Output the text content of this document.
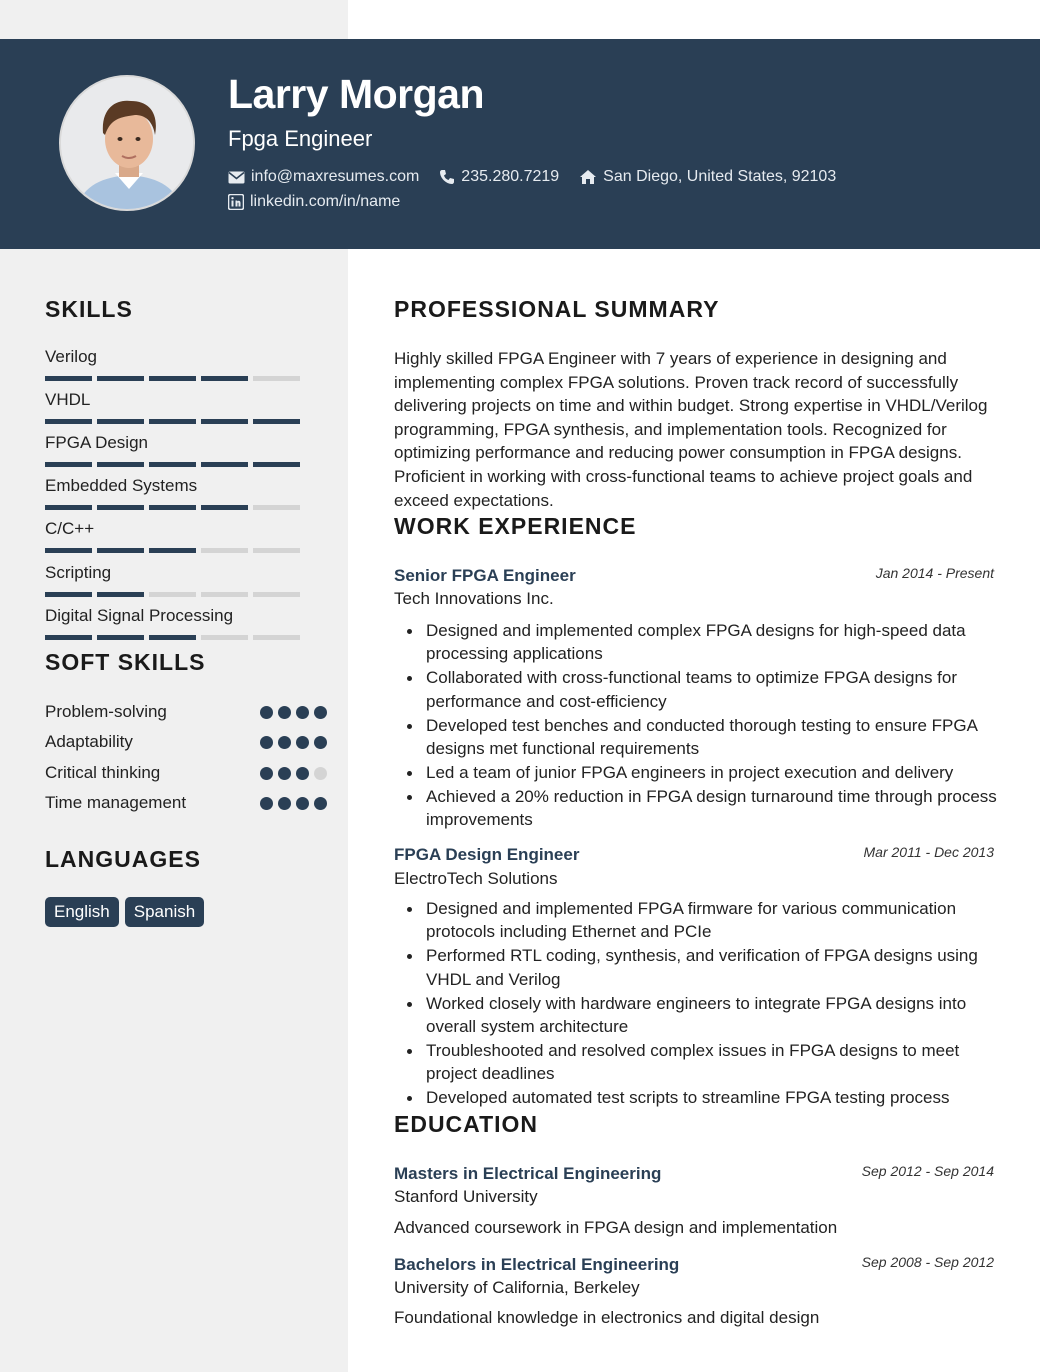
Larry Morgan
Fpga Engineer
info@maxresumes.com	235.280.7219	San Diego, United States, 92103
linkedin.com/in/name
SKILLS
Verilog
VHDL
FPGA Design
Embedded Systems
C/C++
Scripting
Digital Signal Processing
SOFT SKILLS
Problem-solving
Adaptability
Critical thinking
Time management
LANGUAGES
English	Spanish
PROFESSIONAL SUMMARY
Highly skilled FPGA Engineer with 7 years of experience in designing and implementing complex FPGA solutions. Proven track record of successfully delivering projects on time and within budget. Strong expertise in VHDL/Verilog programming, FPGA synthesis, and implementation tools. Recognized for optimizing performance and reducing power consumption in FPGA designs. Proficient in working with cross-functional teams to achieve project goals and exceed expectations.
WORK EXPERIENCE
Senior FPGA Engineer	Jan 2014 - Present
Tech Innovations Inc.
Designed and implemented complex FPGA designs for high-speed data processing applications
Collaborated with cross-functional teams to optimize FPGA designs for performance and cost-efficiency
Developed test benches and conducted thorough testing to ensure FPGA designs met functional requirements
Led a team of junior FPGA engineers in project execution and delivery
Achieved a 20% reduction in FPGA design turnaround time through process improvements
FPGA Design Engineer	Mar 2011 - Dec 2013
ElectroTech Solutions
Designed and implemented FPGA firmware for various communication protocols including Ethernet and PCIe
Performed RTL coding, synthesis, and verification of FPGA designs using VHDL and Verilog
Worked closely with hardware engineers to integrate FPGA designs into overall system architecture
Troubleshooted and resolved complex issues in FPGA designs to meet project deadlines
Developed automated test scripts to streamline FPGA testing process
EDUCATION
Masters in Electrical Engineering	Sep 2012 - Sep 2014
Stanford University
Advanced coursework in FPGA design and implementation
Bachelors in Electrical Engineering	Sep 2008 - Sep 2012
University of California, Berkeley
Foundational knowledge in electronics and digital design
